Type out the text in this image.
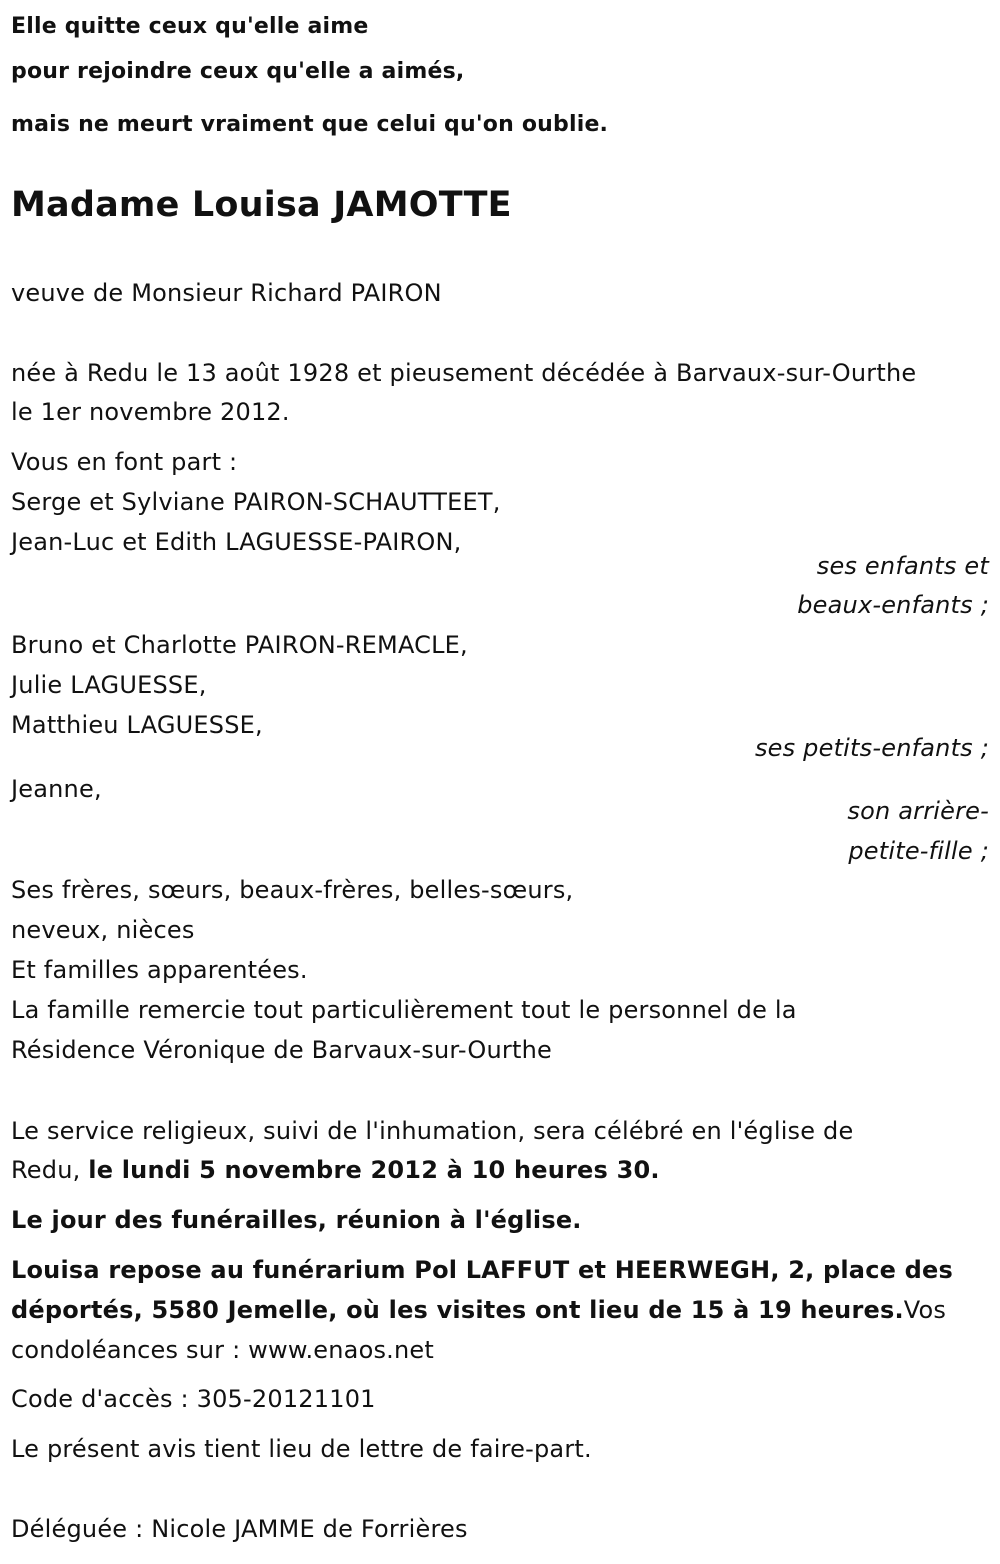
Elle quitte ceux qu'elle aime
pour rejoindre ceux qu'elle a aimés,
mais ne meurt vraiment que celui qu'on oublie.
Madame Louisa JAMOTTE
veuve de Monsieur Richard PAIRON
née à Redu le 13 août 1928 et pieusement décédée à Barvaux-sur-Ourthe
le 1er novembre 2012.
Vous en font part :
Serge et Sylviane PAIRON-SCHAUTTEET,
Jean-Luc et Edith LAGUESSE-PAIRON,
ses enfants et
beaux-enfants ;
Bruno et Charlotte PAIRON-REMACLE,
Julie LAGUESSE,
Matthieu LAGUESSE,
ses petits-enfants ;
Jeanne,
son arrière-
petite-fille ;
Ses frères, sœurs, beaux-frères, belles-sœurs,
neveux, nièces
Et familles apparentées.
La famille remercie tout particulièrement tout le personnel de la
Résidence Véronique de Barvaux-sur-Ourthe
Le service religieux, suivi de l'inhumation, sera célébré en l'église de
Redu, le lundi 5 novembre 2012 à 10 heures 30.
Le jour des funérailles, réunion à l'église.
Louisa repose au funérarium Pol LAFFUT et HEERWEGH, 2, place des
déportés, 5580 Jemelle, où les visites ont lieu de 15 à 19 heures.Vos
condoléances sur : www.enaos.net
Code d'accès : 305-20121101
Le présent avis tient lieu de lettre de faire-part.
Déléguée : Nicole JAMME de Forrières
